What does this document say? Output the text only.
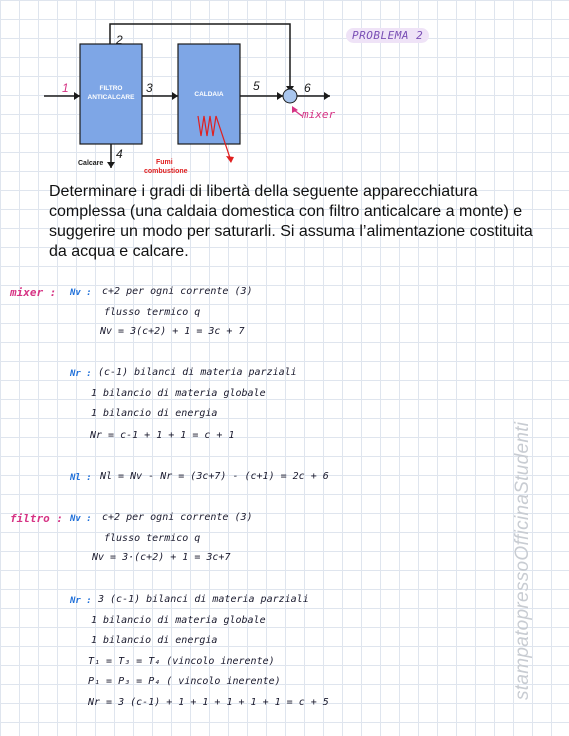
PROBLEMA 2
FILTRO
ANTICALCARE	CALDAIA
1
2
3
4
5	6
Calcare	Fumi
combustione
mixer
Determinare i gradi di libertà della seguente apparecchiatura complessa (una caldaia domestica con filtro anticalcare a monte) e suggerire un modo per saturarli. Si assuma l’alimentazione costituita da acqua e calcare.
mixer : Nv : c+2 per ogni corrente (3)
flusso termico q
Nv = 3(c+2) + 1 = 3c + 7
Nr : (c-1) bilanci di materia parziali
1 bilancio di materia globale
1 bilancio di energia
Nr = c-1 + 1 + 1 = c + 1
Nl : Nl = Nv - Nr = (3c+7) - (c+1) = 2c + 6
filtro : Nv : c+2 per ogni corrente (3)
flusso termico q
Nv = 3·(c+2) + 1 = 3c+7
Nr : 3 (c-1) bilanci di materia parziali
1 bilancio di materia globale
1 bilancio di energia
T₁ = T₃ = T₄ (vincolo inerente)
P₁ = P₃ = P₄ ( vincolo inerente)
Nr = 3 (c-1) + 1 + 1 + 1 + 1 + 1 = c + 5
stampatopressoOfficinaStudenti
